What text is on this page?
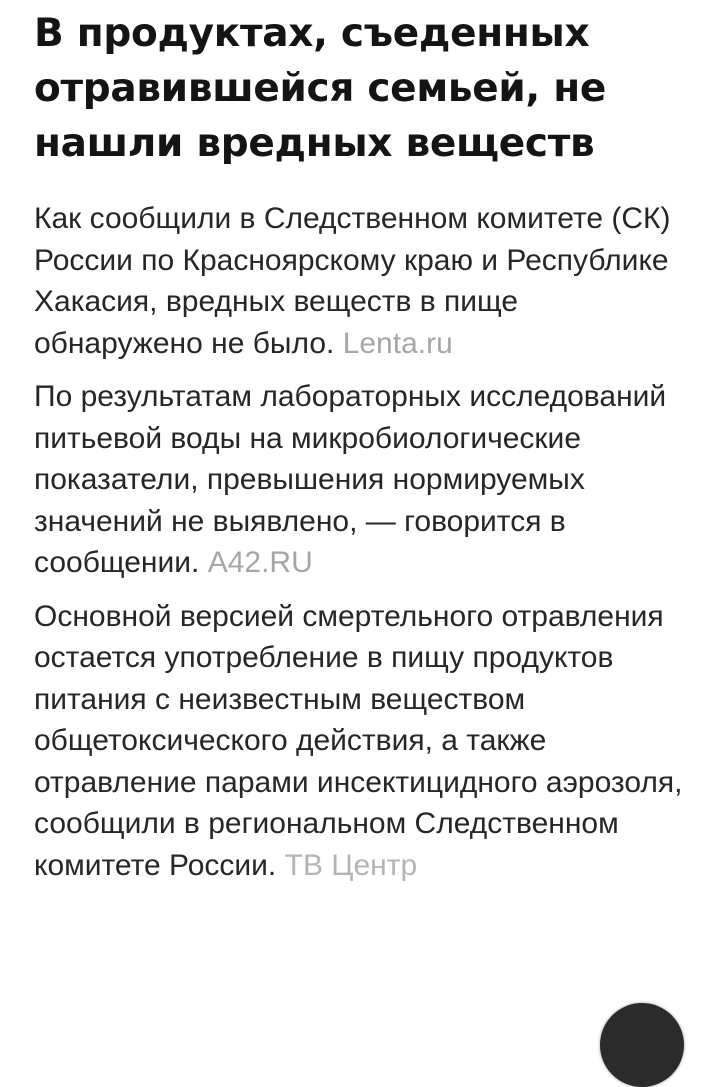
В продуктах, съеденных отравившейся семьей, не нашли вредных веществ

Как сообщили в Следственном комитете (СК) России по Красноярскому краю и Республике Хакасия, вредных веществ в пище обнаружено не было. Lenta.ru

По результатам лабораторных исследований питьевой воды на микробиологические показатели, превышения нормируемых значений не выявлено, — говорится в сообщении. A42.RU

Основной версией смертельного отравления остается употребление в пищу продуктов питания с неизвестным веществом общетоксического действия, а также отравление парами инсектицидного аэрозоля, сообщили в региональном Следственном комитете России. ТВ Центр
